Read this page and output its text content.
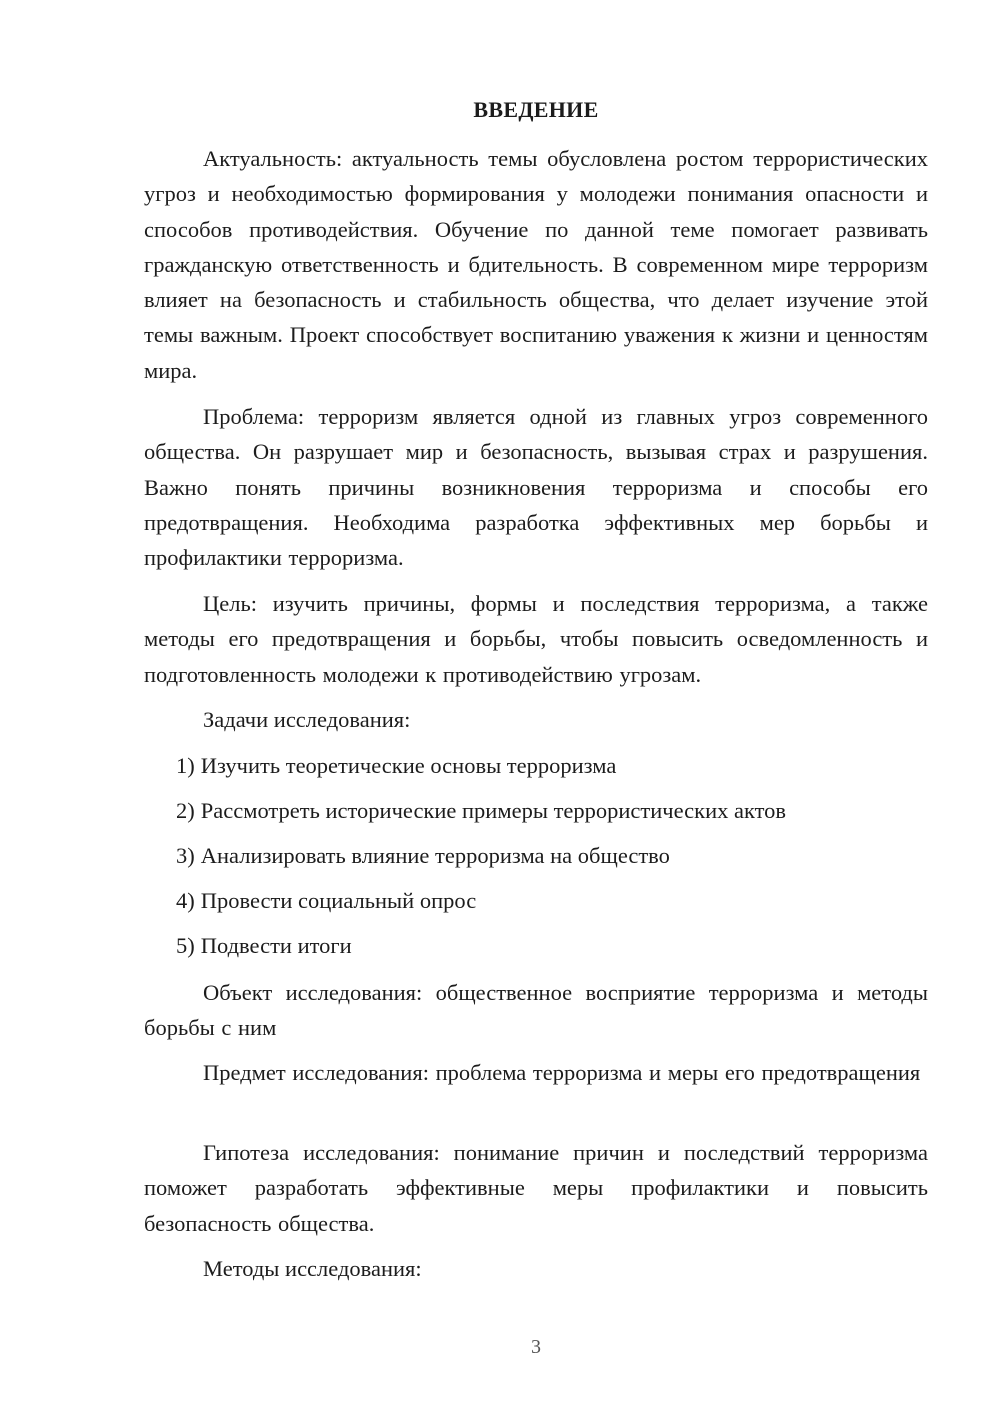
ВВЕДЕНИЕ

Актуальность: актуальность темы обусловлена ростом террористических угроз и необходимостью формирования у молодежи понимания опасности и способов противодействия. Обучение по данной теме помогает развивать гражданскую ответственность и бдительность. В современном мире терроризм влияет на безопасность и стабильность общества, что делает изучение этой темы важным. Проект способствует воспитанию уважения к жизни и ценностям мира.

Проблема: терроризм является одной из главных угроз современного общества. Он разрушает мир и безопасность, вызывая страх и разрушения. Важно понять причины возникновения терроризма и способы его предотвращения. Необходима разработка эффективных мер борьбы и профилактики терроризма.

Цель: изучить причины, формы и последствия терроризма, а также методы его предотвращения и борьбы, чтобы повысить осведомленность и подготовленность молодежи к противодействию угрозам.

Задачи исследования:

1) Изучить теоретические основы терроризма

2) Рассмотреть исторические примеры террористических актов

3) Анализировать влияние терроризма на общество

4) Провести социальный опрос

5) Подвести итоги

Объект исследования: общественное восприятие терроризма и методы борьбы с ним

Предмет исследования: проблема терроризма и меры его предотвращения

Гипотеза исследования: понимание причин и последствий терроризма поможет разработать эффективные меры профилактики и повысить безопасность общества.

Методы исследования:

3
